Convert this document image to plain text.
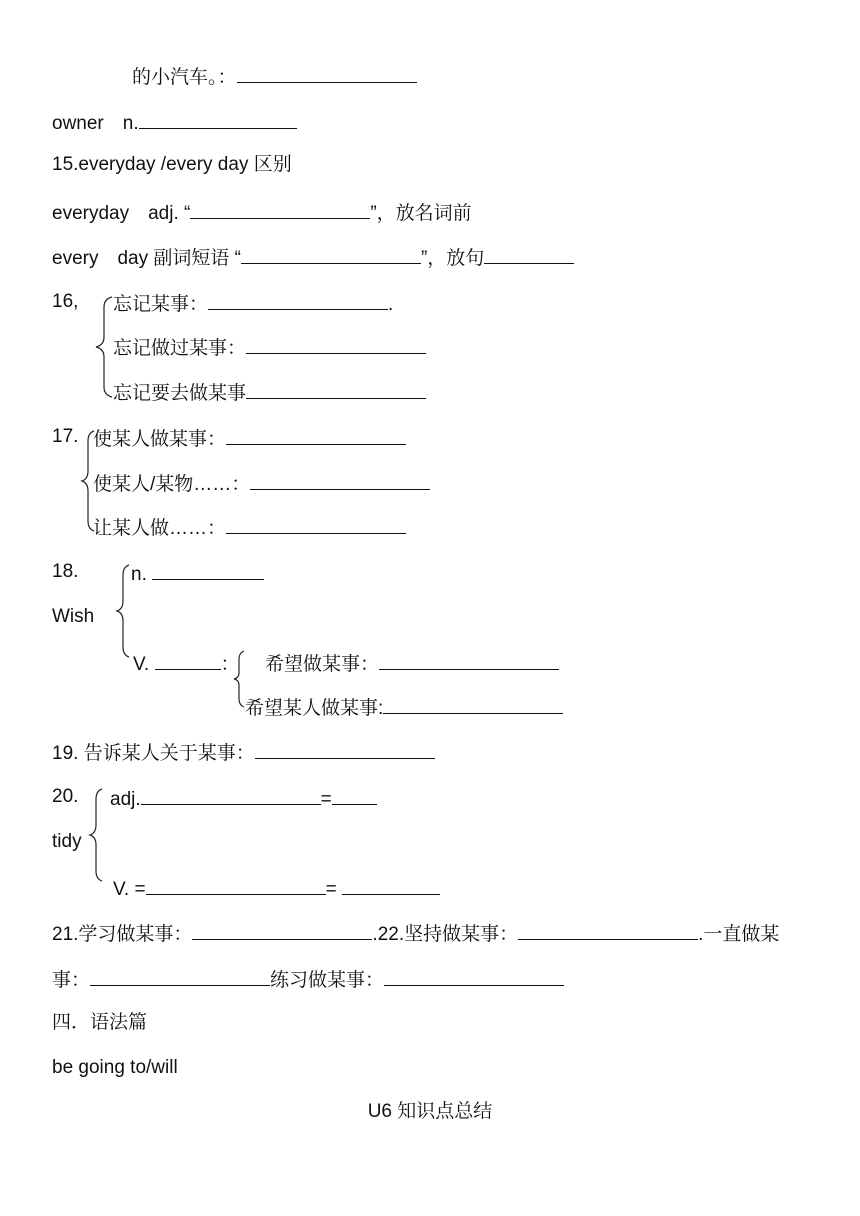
的小汽车。：
owner　n.
15.everyday /every day 区别
everyday　adj. “	”，放名词前
every　day 副词短语 “	”，放句
16, 忘记某事：	.
忘记做过某事：
忘记要去做某事
17. 使某人做某事：
使某人/某物……：
让某人做……：
18.
Wish
n.
V.	： 希望做某事：
希望某人做某事:
19. 告诉某人关于某事：
20.
tidy
adj.	=
V. =	=
21.学习做某事：	.22.坚持做某事：	.一直做某
事：	练习做某事：
四．语法篇
be going to/will
U6 知识点总结
